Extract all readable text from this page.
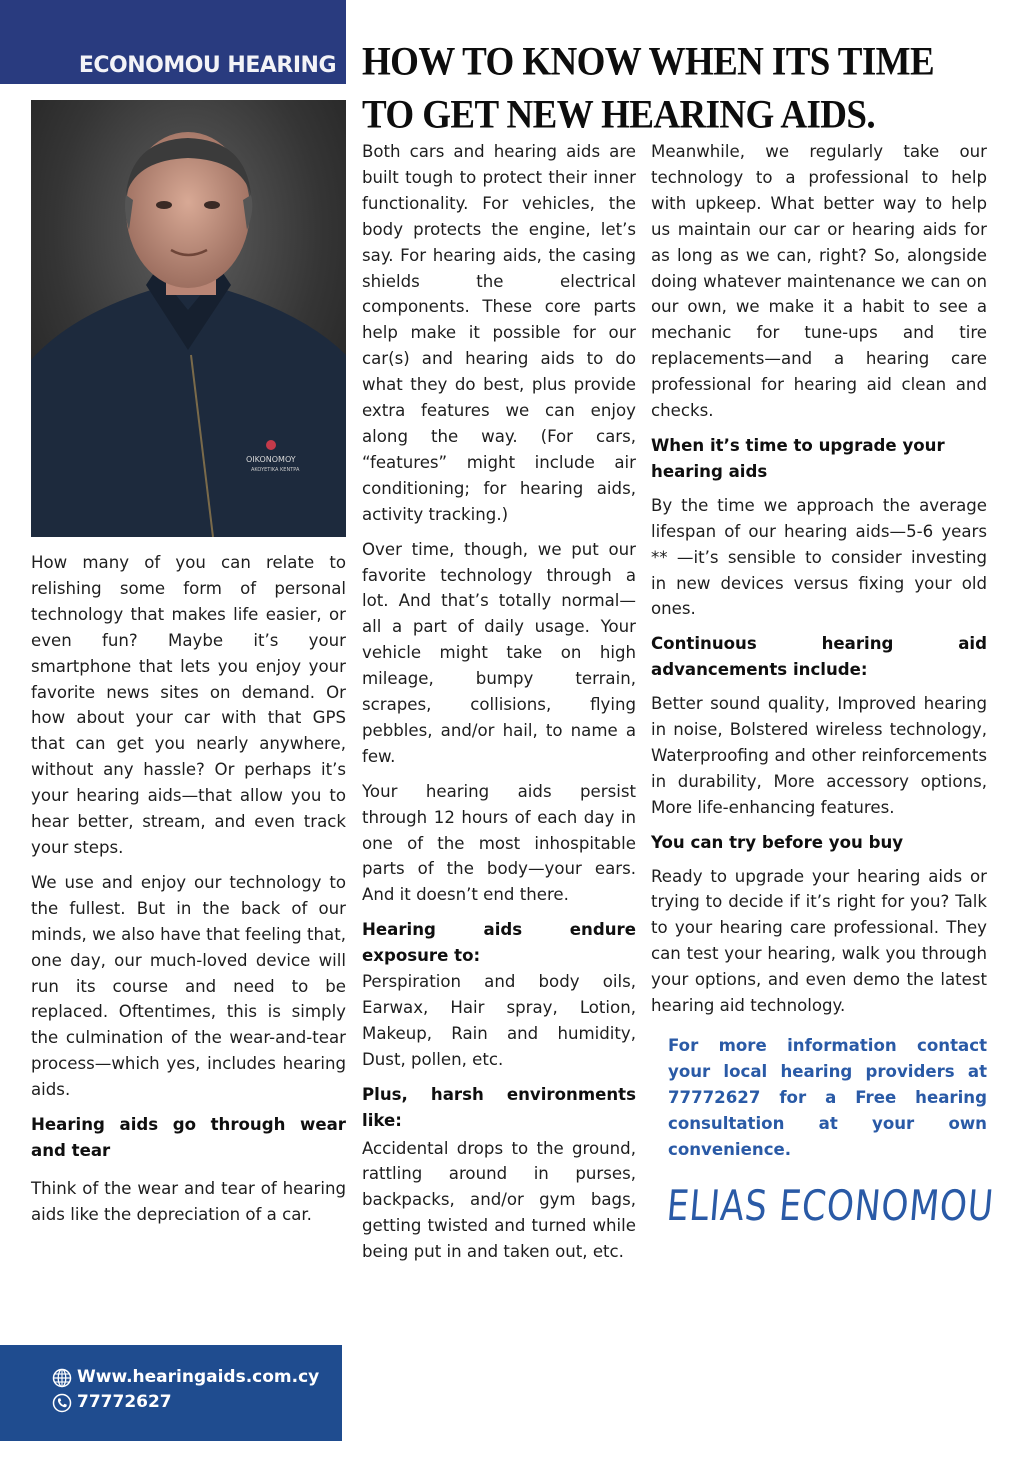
ECONOMOU HEARING HOW TO KNOW WHEN ITS TIME
TO GET NEW HEARING AIDS.
OIKONOMOY
AKOYETIKA KENTPA

How many of you can relate to relishing some form of personal technology that makes life easier, or even fun? Maybe it’s your smartphone that lets you enjoy your favorite news sites on demand. Or how about your car with that GPS that can get you nearly anywhere, without any hassle? Or perhaps it’s your hearing aids—that allow you to hear better, stream, and even track your steps.

We use and enjoy our technology to the fullest. But in the back of our minds, we also have that feeling that, one day, our much-loved device will run its course and need to be replaced. Oftentimes, this is simply the culmination of the wear-and-tear process—which yes, includes hearing aids.

Hearing aids go through wear and tear

Think of the wear and tear of hearing aids like the depreciation of a car.

Both cars and hearing aids are built tough to protect their inner functionality. For vehicles, the body protects the engine, let’s say. For hearing aids, the casing shields the electrical components. These core parts help make it possible for our car(s) and hearing aids to do what they do best, plus provide extra features we can enjoy along the way. (For cars, “features” might include air conditioning; for hearing aids, activity tracking.)

Over time, though, we put our favorite technology through a lot. And that’s totally normal—all a part of daily usage. Your vehicle might take on high mileage, bumpy terrain, scrapes, collisions, flying pebbles, and/or hail, to name a few.

Your hearing aids persist through 12 hours of each day in one of the most inhospitable parts of the body—your ears. And it doesn’t end there.

Hearing aids endure exposure to:

Perspiration and body oils, Earwax, Hair spray, Lotion, Makeup, Rain and humidity, Dust, pollen, etc.

Plus, harsh environments like:

Accidental drops to the ground, rattling around in purses, backpacks, and/or gym bags, getting twisted and turned while being put in and taken out, etc.

Meanwhile, we regularly take our technology to a professional to help with upkeep. What better way to help us maintain our car or hearing aids for as long as we can, right? So, alongside doing whatever maintenance we can on our own, we make it a habit to see a mechanic for tune-ups and tire replacements—and a hearing care professional for hearing aid clean and checks.

When it’s time to upgrade your hearing aids

By the time we approach the average lifespan of our hearing aids—5-6 years ** —it’s sensible to consider investing in new devices versus fixing your old ones.

Continuous hearing aid advancements include:

Better sound quality, Improved hearing in noise, Bolstered wireless technology, Waterproofing and other reinforcements in durability, More accessory options, More life-enhancing features.

You can try before you buy

Ready to upgrade your hearing aids or trying to decide if it’s right for you? Talk to your hearing care professional. They can test your hearing, walk you through your options, and even demo the latest hearing aid technology.

For more information contact your local hearing providers at 77772627 for a Free hearing consultation at your own convenience.
ELIAS ECONOMOU
Www.hearingaids.com.cy
77772627
